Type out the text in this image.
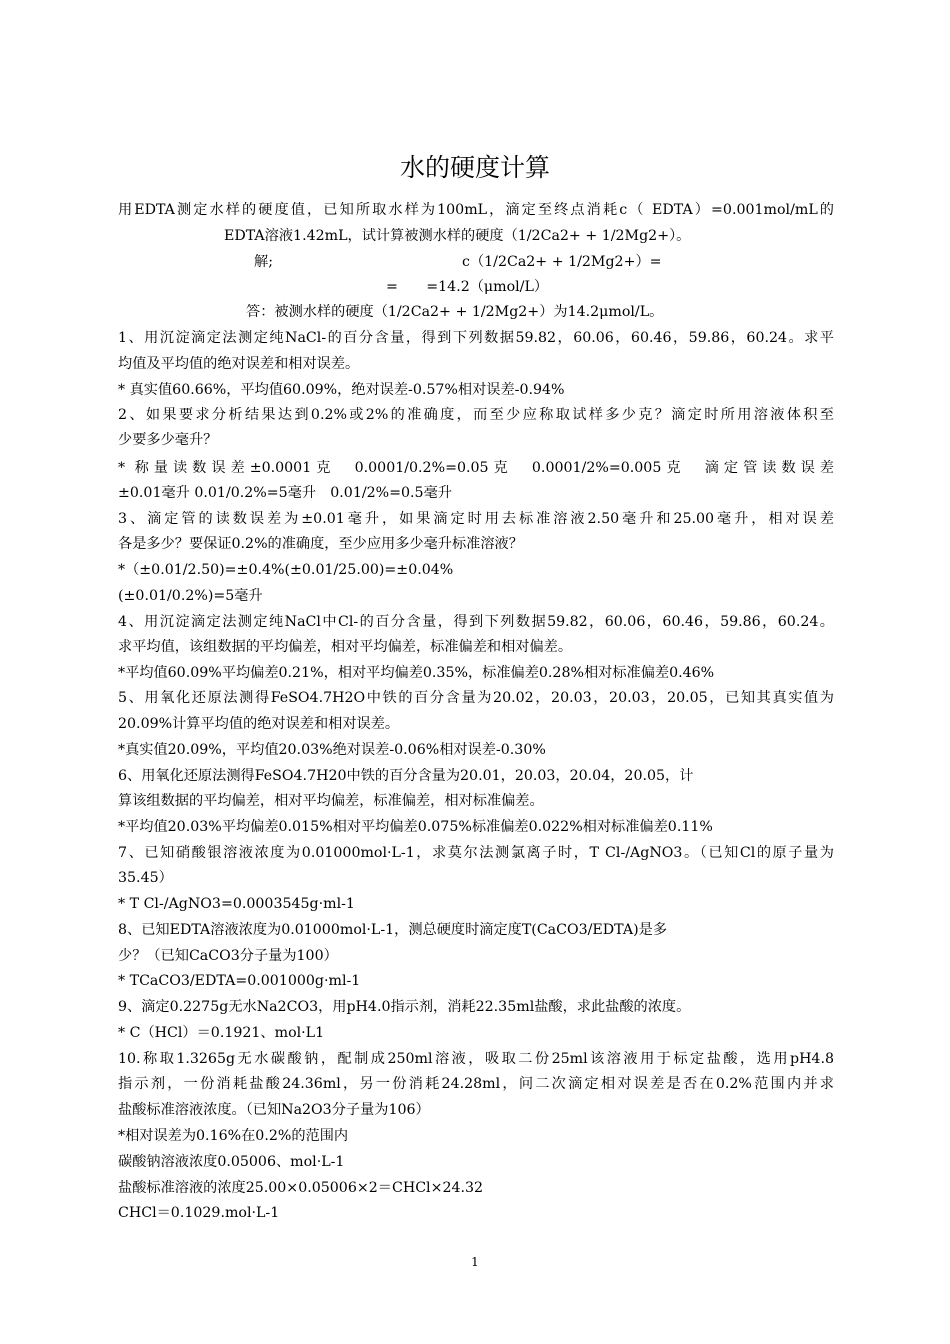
水的硬度计算
用EDTA测定水样的硬度值，已知所取水样为100mL，滴定至终点消耗c（ EDTA）=0.001mol/mL的
EDTA溶液1.42mL，试计算被测水样的硬度（1/2Ca2+ + 1/2Mg2+）。
解;	c（1/2Ca2+ + 1/2Mg2+）=
=　　=14.2（μmol/L）
答：被测水样的硬度（1/2Ca2+ + 1/2Mg2+）为14.2μmol/L。
1、用沉淀滴定法测定纯NaCl-的百分含量，得到下列数据59.82，60.06，60.46，59.86，60.24。求平
均值及平均值的绝对误差和相对误差。
* 真实值60.66%，平均值60.09%，绝对误差-0.57%相对误差-0.94%
2、如果要求分析结果达到0.2%或2%的准确度，而至少应称取试样多少克？滴定时所用溶液体积至
少要多少毫升？
* 称量读数误差±0.0001克　0.0001/0.2%=0.05克　0.0001/2%=0.005克　滴定管读数误差
±0.01毫升 0.01/0.2%=5毫升　0.01/2%=0.5毫升
3、滴定管的读数误差为±0.01毫升，如果滴定时用去标准溶液2.50毫升和25.00毫升，相对误差
各是多少？要保证0.2%的准确度，至少应用多少毫升标准溶液？
*（±0.01/2.50)=±0.4%(±0.01/25.00)=±0.04%
(±0.01/0.2%)=5毫升
4、用沉淀滴定法测定纯NaCl中Cl-的百分含量，得到下列数据59.82，60.06，60.46，59.86，60.24。
求平均值，该组数据的平均偏差，相对平均偏差，标准偏差和相对偏差。
*平均值60.09%平均偏差0.21%，相对平均偏差0.35%，标准偏差0.28%相对标准偏差0.46%
5、用氧化还原法测得FeSO4.7H2O中铁的百分含量为20.02，20.03，20.03，20.05，已知其真实值为
20.09%计算平均值的绝对误差和相对误差。
*真实值20.09%，平均值20.03%绝对误差-0.06%相对误差-0.30%
6、用氧化还原法测得FeSO4.7H20中铁的百分含量为20.01，20.03，20.04，20.05，计
算该组数据的平均偏差，相对平均偏差，标准偏差，相对标准偏差。
*平均值20.03%平均偏差0.015%相对平均偏差0.075%标准偏差0.022%相对标准偏差0.11%
7、已知硝酸银溶液浓度为0.01000mol·L-1，求莫尔法测氯离子时，T Cl-/AgNO3。（已知Cl的原子量为
35.45）
* T Cl-/AgNO3=0.0003545g·ml-1
8、已知EDTA溶液浓度为0.01000mol·L-1，测总硬度时滴定度T(CaCO3/EDTA)是多
少？（已知CaCO3分子量为100）
* TCaCO3/EDTA=0.001000g·ml-1
9、滴定0.2275g无水Na2CO3，用pH4.0指示剂，消耗22.35ml盐酸，求此盐酸的浓度。
* C（HCl）＝0.1921、mol·L1
10.称取1.3265g无水碳酸钠，配制成250ml溶液，吸取二份25ml该溶液用于标定盐酸，选用pH4.8
指示剂，一份消耗盐酸24.36ml，另一份消耗24.28ml，问二次滴定相对误差是否在0.2%范围内并求
盐酸标准溶液浓度。（已知Na2O3分子量为106）
*相对误差为0.16%在0.2%的范围内
碳酸钠溶液浓度0.05006、mol·L-1
盐酸标准溶液的浓度25.00×0.05006×2＝CHCl×24.32
CHCl＝0.1029.mol·L-1
1
